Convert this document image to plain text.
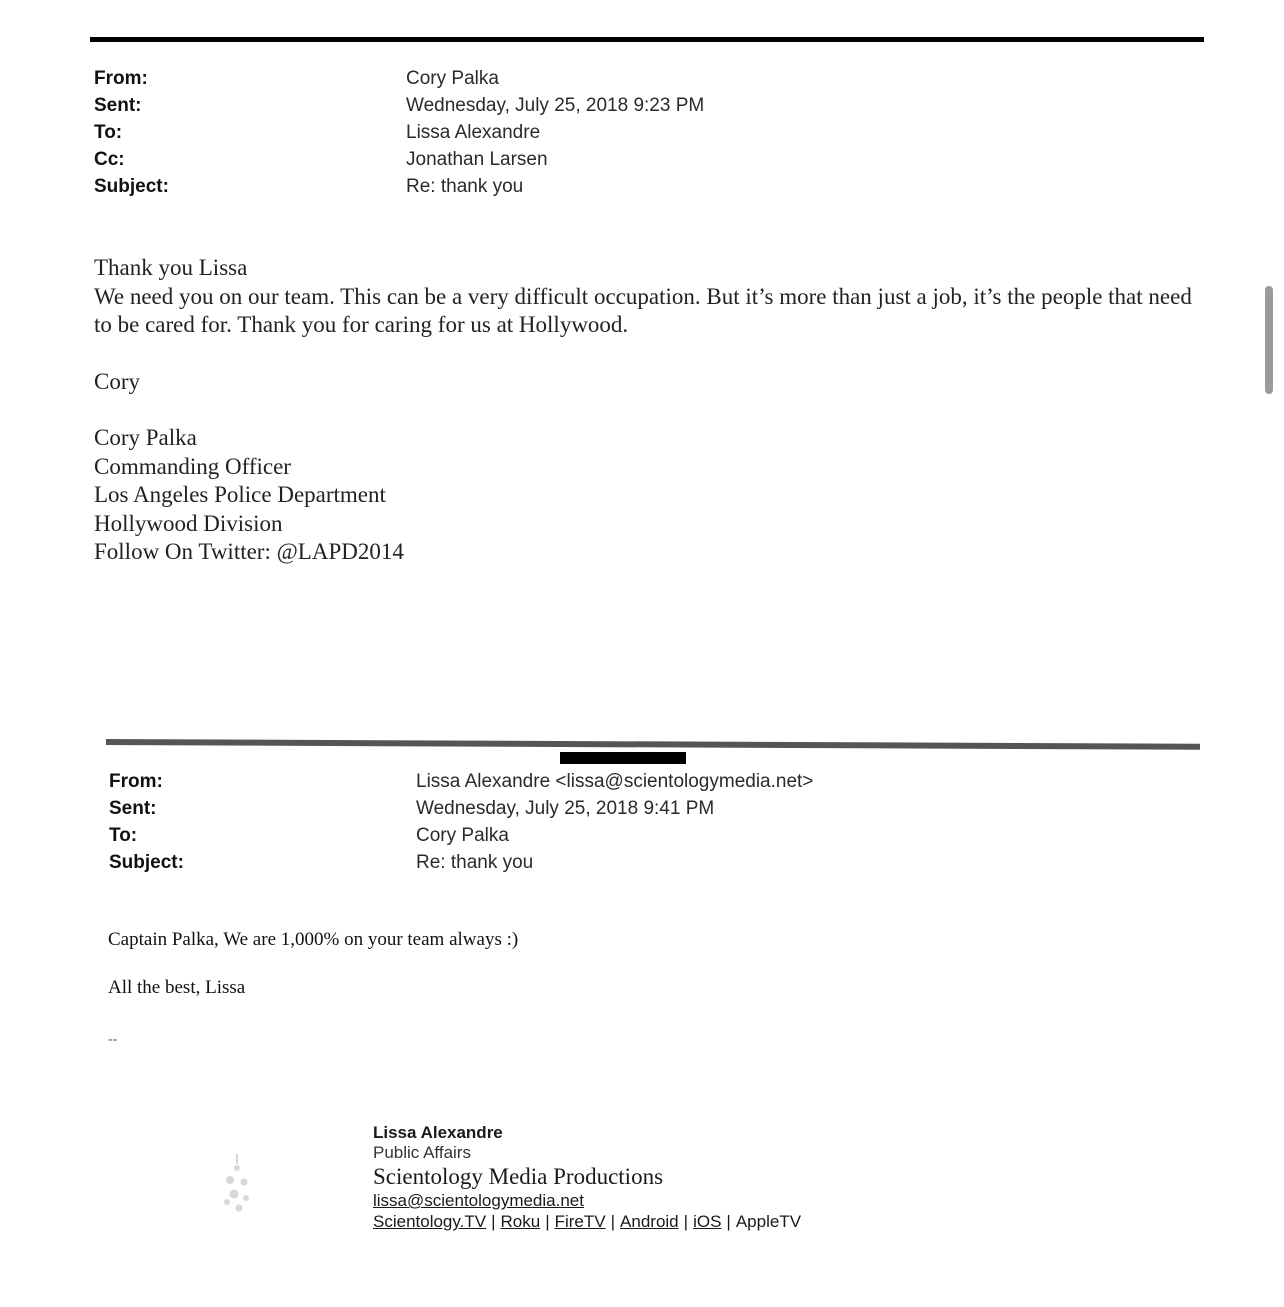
From:	Cory Palka
Sent:	Wednesday, July 25, 2018 9:23 PM
To:	Lissa Alexandre
Cc:	Jonathan Larsen
Subject:	Re: thank you

Thank you Lissa

We need you on our team. This can be a very difficult occupation. But it’s more than just a job, it’s the people that need to be cared for. Thank you for caring for us at Hollywood.

Cory

Cory Palka

Commanding Officer

Los Angeles Police Department

Hollywood Division

Follow On Twitter: @LAPD2014

From:	Lissa Alexandre <lissa@scientologymedia.net>
Sent:	Wednesday, July 25, 2018 9:41 PM
To:	Cory Palka
Subject:	Re: thank you

Captain Palka, We are 1,000% on your team always :)

All the best, Lissa

--

Lissa Alexandre
Public Affairs
Scientology Media Productions
lissa@scientologymedia.net
Scientology.TV | Roku | FireTV | Android | iOS | AppleTV
